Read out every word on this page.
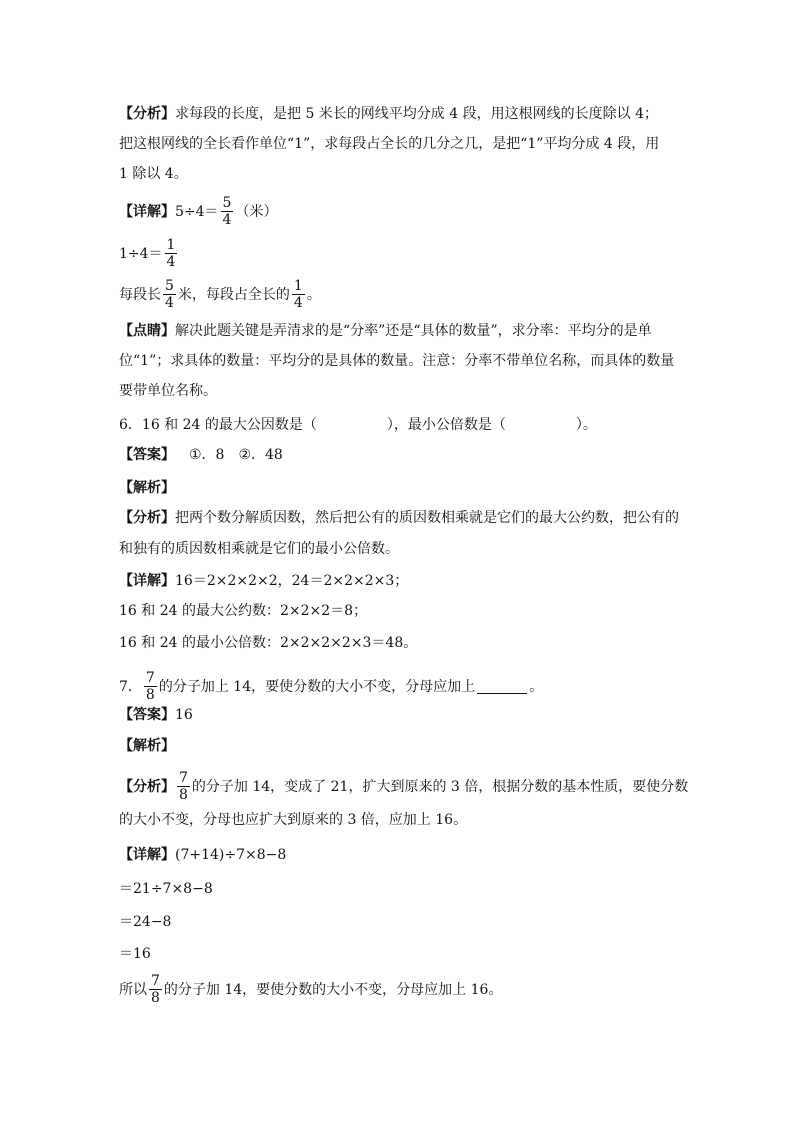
【分析】 求每段的长度，是把 5 米长的网线平均分成 4 段，用这根网线的长度除以 4；
把这根网线的全长看作单位“1”，求每段占全长的几分之几，是把“1”平均分成 4 段，用
1 除以 4。
【详解】 $5\div 4= \frac{5}{4}$ （米）
$1\div 4= \frac{1}{4}$
每段长 $\frac{5}{4}$ 米，每段占全长的 $\frac{1}{4}$ 。
【点睛】 解决此题关键是弄清求的是“分率”还是“具体的数量”，求分率：平均分的是单
位“1”；求具体的数量：平均分的是具体的数量。注意：分率不带单位名称，而具体的数量
要带单位名称。
6．16 和 24 的最大公因数是（	），最小公倍数是（	）。
【答案】 ①．8 ②．48
【解析】
【分析】 把两个数分解质因数，然后把公有的质因数相乘就是它们的最大公约数，把公有的
和独有的质因数相乘就是它们的最小公倍数。
【详解】 16＝2×2×2×2，24＝2×2×2×3；
16 和 24 的最大公约数：2×2×2＝8；
16 和 24 的最小公倍数：2×2×2×2×3＝48。
7． $\frac{7}{8}$ 的分子加上 14，要使分数的大小不变，分母应加上	。
【答案】 16
【解析】
【分析】 $\frac{7}{8}$ 的分子加 14，变成了 21，扩大到原来的 3 倍，根据分数的基本性质，要使分数
的大小不变，分母也应扩大到原来的 3 倍，应加上 16。
【详解】 (7+14)÷7×8−8
＝21÷7×8−8
＝24−8
＝16
所以 $\frac{7}{8}$ 的分子加 14，要使分数的大小不变，分母应加上 16。
